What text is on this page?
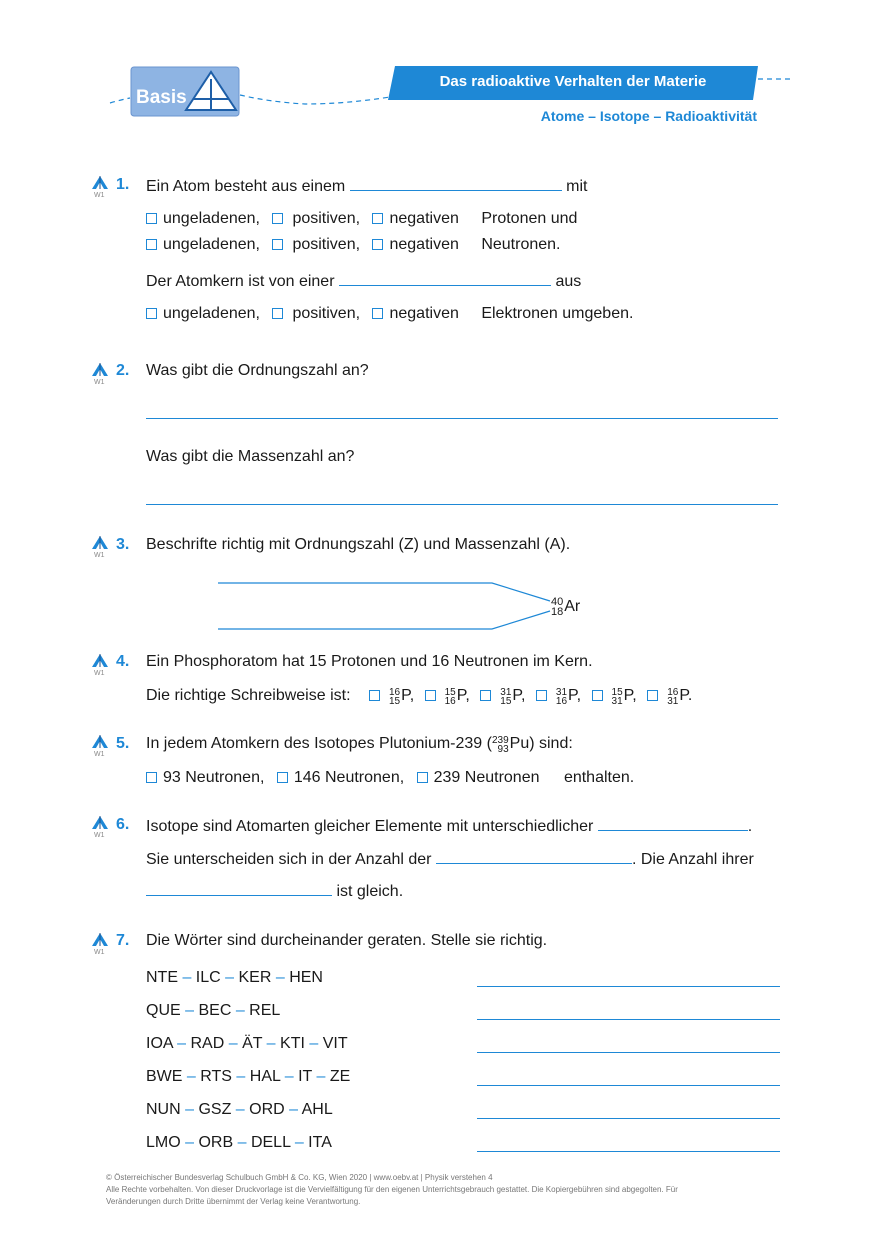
Basis
Das radioaktive Verhalten der Materie
Atome – Isotope – Radioaktivität
W1
1. Ein Atom besteht aus einem	mit
ungeladenen, positiven, negativen Protonen und
ungeladenen, positiven, negativen Neutronen.
Der Atomkern ist von einer	aus
ungeladenen, positiven, negativen Elektronen umgeben.
W1
2. Was gibt die Ordnungszahl an?
Was gibt die Massenzahl an?
W1
3. Beschrifte richtig mit Ordnungszahl (Z) und Massenzahl (A).
40
18 Ar
W1
4. Ein Phosphoratom hat 15 Protonen und 16 Neutronen im Kern.
Die richtige Schreibweise ist:	16
15 P,	15
16 P,	31
15 P,	31
16 P,	15
31 P,	16
31 P.
W1
5. In jedem Atomkern des Isotopes Plutonium-239 ( 239
93 Pu) sind:
93 Neutronen, 146 Neutronen, 239 Neutronen enthalten.
W1
6. Isotope sind Atomarten gleicher Elemente mit unterschiedlicher	.
Sie unterscheiden sich in der Anzahl der	. Die Anzahl ihrer
ist gleich.
W1
7. Die Wörter sind durcheinander geraten. Stelle sie richtig.
NTE – ILC – KER – HEN
QUE – BEC – REL
IOA – RAD – ÄT – KTI – VIT
BWE – RTS – HAL – IT – ZE
NUN – GSZ – ORD – AHL
LMO – ORB – DELL – ITA
© Österreichischer Bundesverlag Schulbuch GmbH & Co. KG, Wien 2020 | www.oebv.at | Physik verstehen 4
Alle Rechte vorbehalten. Von dieser Druckvorlage ist die Vervielfältigung für den eigenen Unterrichtsgebrauch gestattet. Die Kopiergebühren sind abgegolten. Für
Veränderungen durch Dritte übernimmt der Verlag keine Verantwortung.
